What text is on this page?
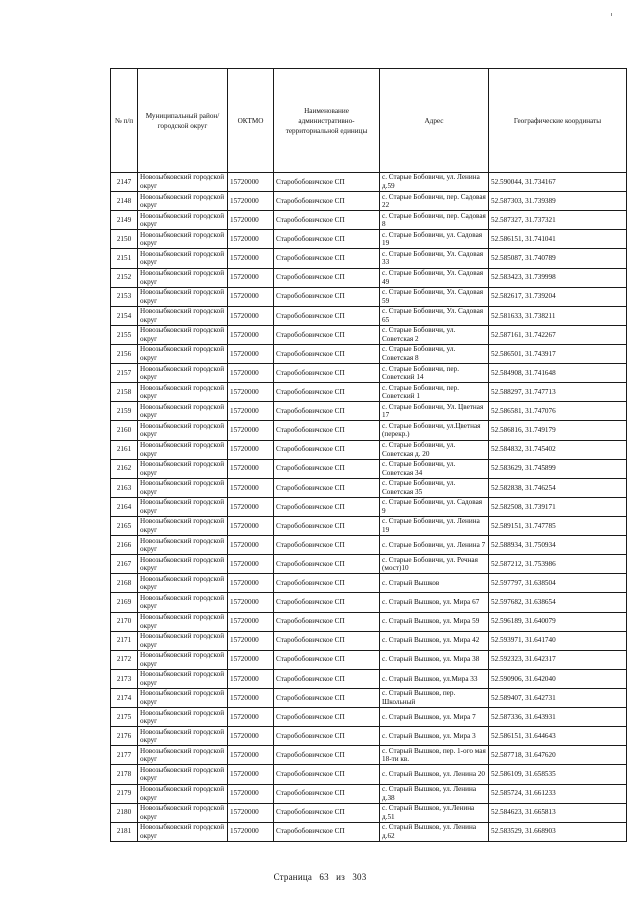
№ п/п	Муниципальный район/городской округ	ОКТМО	Наименование административно-территориальной единицы	Адрес	Географические координаты
2147	Новозыбковский городской округ	15720000	Старобобовичское СП	с. Старые Бобовичи, ул. Ленина д.59	52.590044, 31.734167
2148	Новозыбковский городской округ	15720000	Старобобовичское СП	с. Старые Бобовичи, пер. Садовая 22	52.587303, 31.739389
2149	Новозыбковский городской округ	15720000	Старобобовичское СП	с. Старые Бобовичи, пер. Садовая 8	52.587327, 31.737321
2150	Новозыбковский городской округ	15720000	Старобобовичское СП	с. Старые Бобовичи, ул. Садовая 19	52.586151, 31.741041
2151	Новозыбковский городской округ	15720000	Старобобовичское СП	с. Старые Бобовичи, Ул. Садовая 33	52.585087, 31.740789
2152	Новозыбковский городской округ	15720000	Старобобовичское СП	с. Старые Бобовичи, Ул. Садовая 49	52.583423, 31.739998
2153	Новозыбковский городской округ	15720000	Старобобовичское СП	с. Старые Бобовичи, Ул. Садовая 59	52.582617, 31.739204
2154	Новозыбковский городской округ	15720000	Старобобовичское СП	с. Старые Бобовичи, Ул. Садовая 65	52.581633, 31.738211
2155	Новозыбковский городской округ	15720000	Старобобовичское СП	с. Старые Бобовичи, ул. Советская 2	52.587161, 31.742267
2156	Новозыбковский городской округ	15720000	Старобобовичское СП	с. Старые Бобовичи, ул. Советская 8	52.586501, 31.743917
2157	Новозыбковский городской округ	15720000	Старобобовичское СП	с. Старые Бобовичи, пер. Советский 14	52.584908, 31.741648
2158	Новозыбковский городской округ	15720000	Старобобовичское СП	с. Старые Бобовичи, пер. Советский 1	52.588297, 31.747713
2159	Новозыбковский городской округ	15720000	Старобобовичское СП	с. Старые Бобовичи, Ул. Цветная 17	52.586581, 31.747076
2160	Новозыбковский городской округ	15720000	Старобобовичское СП	с. Старые Бобовичи, ул.Цветная (перекр.)	52.586816, 31.749179
2161	Новозыбковский городской округ	15720000	Старобобовичское СП	с. Старые Бобовичи, ул. Советская д. 20	52.584832, 31.745402
2162	Новозыбковский городской округ	15720000	Старобобовичское СП	с. Старые Бобовичи, ул. Советская 34	52.583629, 31.745899
2163	Новозыбковский городской округ	15720000	Старобобовичское СП	с. Старые Бобовичи, ул. Советская 35	52.582838, 31.746254
2164	Новозыбковский городской округ	15720000	Старобобовичское СП	с. Старые Бобовичи, ул. Садовая 9	52.582508, 31.739171
2165	Новозыбковский городской округ	15720000	Старобобовичское СП	с. Старые Бобовичи, ул. Ленина 19	52.589151, 31.747785
2166	Новозыбковский городской округ	15720000	Старобобовичское СП	с. Старые Бобовичи, ул. Ленина 7	52.588934, 31.750934
2167	Новозыбковский городской округ	15720000	Старобобовичское СП	с. Старые Бобовичи, ул. Речная (мост)10	52.587212, 31.753986
2168	Новозыбковский городской округ	15720000	Старобобовичское СП	с. Старый Вышков	52.597797, 31.638504
2169	Новозыбковский городской округ	15720000	Старобобовичское СП	с. Старый Вышков, ул. Мира 67	52.597682, 31.638654
2170	Новозыбковский городской округ	15720000	Старобобовичское СП	с. Старый Вышков, ул. Мира 59	52.596189, 31.640079
2171	Новозыбковский городской округ	15720000	Старобобовичское СП	с. Старый Вышков, ул. Мира 42	52.593971, 31.641740
2172	Новозыбковский городской округ	15720000	Старобобовичское СП	с. Старый Вышков, ул. Мира 38	52.592323, 31.642317
2173	Новозыбковский городской округ	15720000	Старобобовичское СП	с. Старый Вышков, ул.Мира 33	52.590906, 31.642040
2174	Новозыбковский городской округ	15720000	Старобобовичское СП	с. Старый Вышков, пер. Школьный	52.589407, 31.642731
2175	Новозыбковский городской округ	15720000	Старобобовичское СП	с. Старый Вышков, ул. Мира 7	52.587336, 31.643931
2176	Новозыбковский городской округ	15720000	Старобобовичское СП	с. Старый Вышков, ул. Мира 3	52.586151, 31.644643
2177	Новозыбковский городской округ	15720000	Старобобовичское СП	с. Старый Вышков, пер. 1-ого мая 18-ти кв.	52.587718, 31.647620
2178	Новозыбковский городской округ	15720000	Старобобовичское СП	с. Старый Вышков, ул. Ленина 20	52.586109, 31.658535
2179	Новозыбковский городской округ	15720000	Старобобовичское СП	с. Старый Вышков, ул. Ленина д.38	52.585724, 31.661233
2180	Новозыбковский городской округ	15720000	Старобобовичское СП	с. Старый Вышков, ул.Ленина д.51	52.584623, 31.665813
2181	Новозыбковский городской округ	15720000	Старобобовичское СП	с. Старый Вышков, ул. Ленина д.62	52.583529, 31.668903
Страница 63 из 303
